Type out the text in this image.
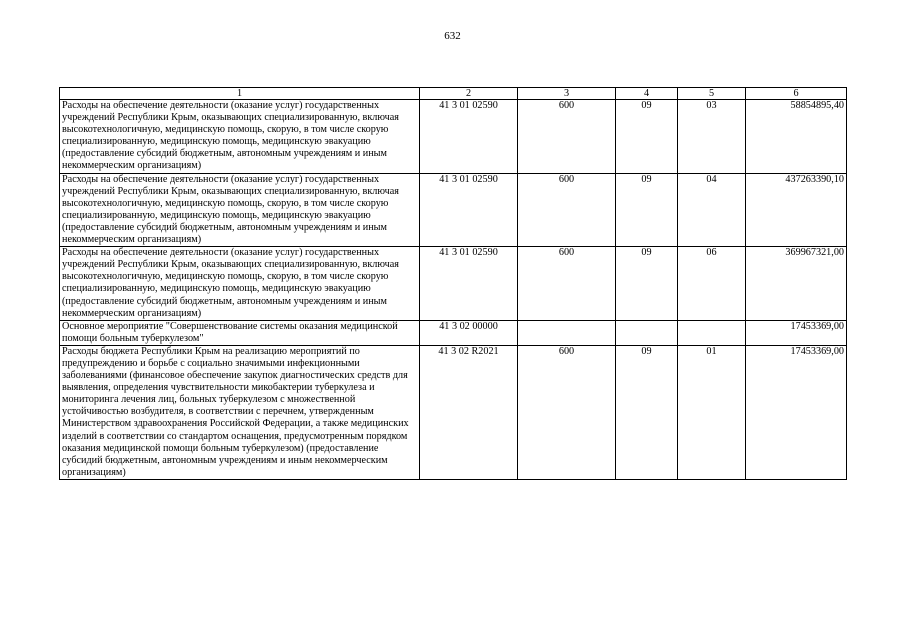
632
1	2	3	4	5	6
Расходы на обеспечение деятельности (оказание услуг) государственных учреждений Республики Крым, оказывающих специализированную, включая высокотехнологичную, медицинскую помощь, скорую, в том числе скорую специализированную, медицинскую помощь, медицинскую эвакуацию (предоставление субсидий бюджетным, автономным учреждениям и иным некоммерческим организациям)	41 3 01 02590	600	09	03	58854895,40
Расходы на обеспечение деятельности (оказание услуг) государственных учреждений Республики Крым, оказывающих специализированную, включая высокотехнологичную, медицинскую помощь, скорую, в том числе скорую специализированную, медицинскую помощь, медицинскую эвакуацию (предоставление субсидий бюджетным, автономным учреждениям и иным некоммерческим организациям)	41 3 01 02590	600	09	04	437263390,10
Расходы на обеспечение деятельности (оказание услуг) государственных учреждений Республики Крым, оказывающих специализированную, включая высокотехнологичную, медицинскую помощь, скорую, в том числе скорую специализированную, медицинскую помощь, медицинскую эвакуацию (предоставление субсидий бюджетным, автономным учреждениям и иным некоммерческим организациям)	41 3 01 02590	600	09	06	369967321,00
Основное мероприятие "Совершенствование системы оказания медицинской помощи больным туберкулезом"	41 3 02 00000				17453369,00
Расходы бюджета Республики Крым на реализацию мероприятий по предупреждению и борьбе с социально значимыми инфекционными заболеваниями (финансовое обеспечение закупок диагностических средств для выявления, определения чувствительности микобактерии туберкулеза и мониторинга лечения лиц, больных туберкулезом с множественной устойчивостью возбудителя, в соответствии с перечнем, утвержденным Министерством здравоохранения Российской Федерации, а также медицинских изделий в соответствии со стандартом оснащения, предусмотренным порядком оказания медицинской помощи больным туберкулезом) (предоставление субсидий бюджетным, автономным учреждениям и иным некоммерческим организациям)	41 3 02 R2021	600	09	01	17453369,00
